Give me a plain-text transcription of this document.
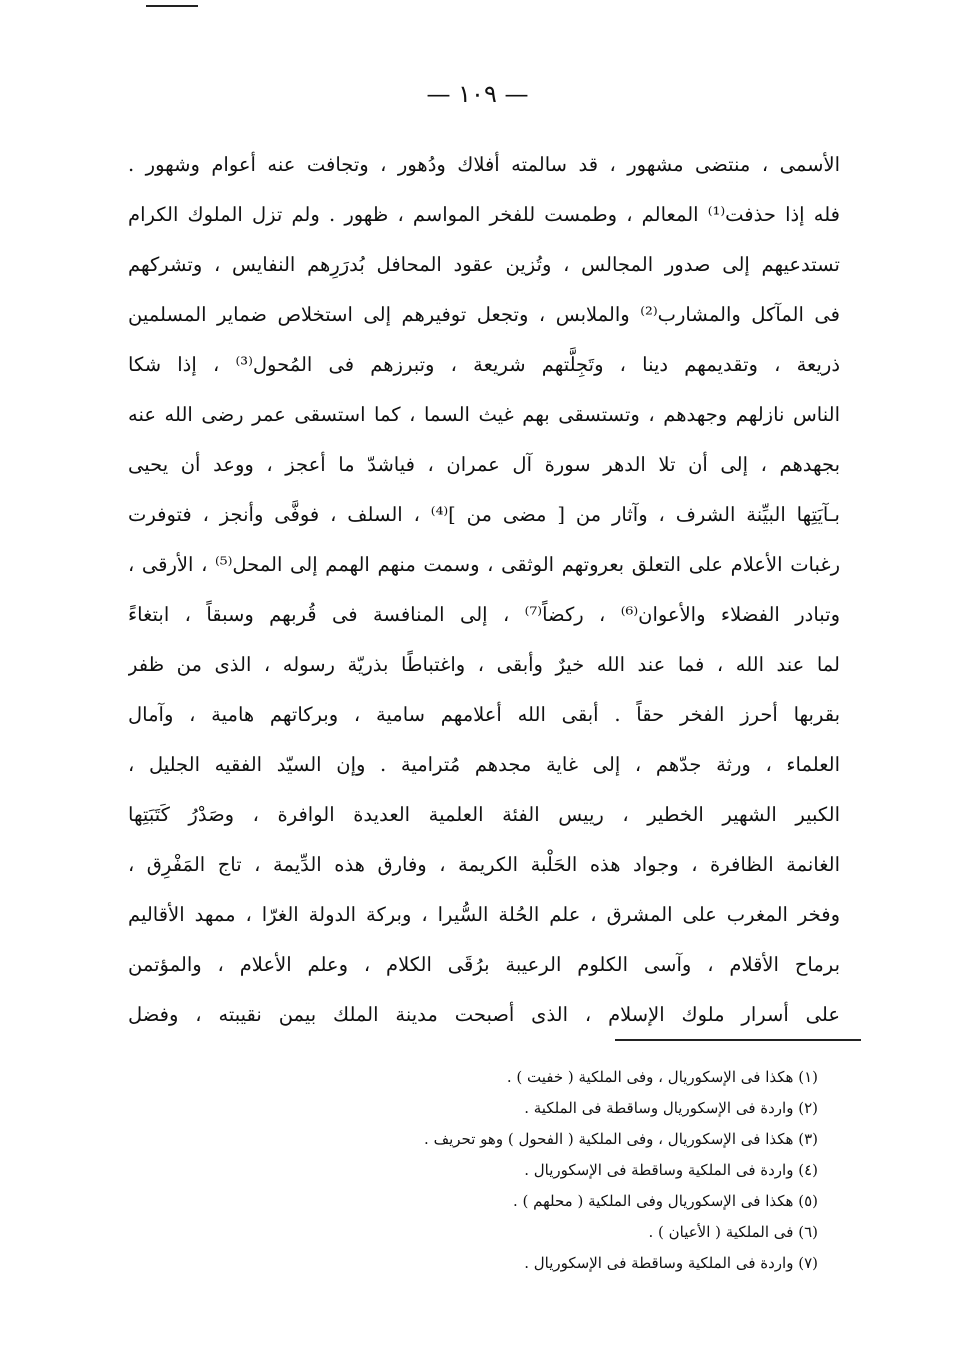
— ١٠٩ —
الأسمى ، منتضى مشهور ، قد سالمته أفلاك ودُهور ، وتجافت عنه أعوام وشهور .
فله إذا حذفت⁽¹⁾ المعالم ، وطمست للفخر المواسم ، ظهور . ولم تزل الملوك الكرام
تستدعيهم إلى صدور المجالس ، وتُزين عقود المحافل بُدرَرِهم النفايس ، وتشركهم
فى المآكل والمشارب⁽²⁾ والملابس ، وتجعل توفيرهم إلى استخلاص ضماير المسلمين
ذريعة ، وتقديمهم دينا ، وتَجِلَّتهم شريعة ، وتبرزهم فى المُحول⁽³⁾ ، إذا شكا
الناس نازلهم وجهدهم ، وتستسقى بهم غيث السما ، كما استسقى عمر رضى الله عنه
بجهدهم ، إلى أن تلا الدهر سورة آل عمران ، فياشدّ ما أعجز ، ووعد أن يحيى
بـآيَتِها البيِّنة الشرف ، وآثار من [ مضى من ]⁽⁴⁾ ، السلف ، فوفَّى وأنجز ، فتوفرت
رغبات الأعلام على التعلق بعروتهم الوثقى ، وسمت منهم الهمم إلى المحل⁽⁵⁾ ، الأرقى ،
وتبادر الفضلاء والأعوان⁽⁶⁾ ، ركضاً⁽⁷⁾ ، إلى المنافسة فى قُربهم وسبقاً ، ابتغاءً
لما عند الله ، فما عند الله خيرٌ وأبقى ، واغتباطًا بذريّة رسوله ، الذى من ظفر
بقربها أحرز الفخر حقاً . أبقى الله أعلامهم سامية ، وبركاتهم هامية ، وآمال
العلماء ، ورثة جدّهم ، إلى غاية مجدهم مُترامية . وإن السيّد الفقيه الجليل ،
الكبير الشهير الخطير ، رييس الفئة العلمية العديدة الوافرة ، وصَدْرُ كَتَبَتِها
الغانمة الظافرة ، وجواد هذه الحَلْبة الكريمة ، وفارق هذه الدِّيمة ، تاج المَفْرِق ،
وفخر المغرب على المشرق ، علم الحُلة السُّيرا ، وبركة الدولة الغرّا ، ممهد الأقاليم
برماح الأقلام ، وآسى الكلوم الرعيبة برُقَى الكلام ، وعلم الأعلام ، والمؤتمن
على أسرار ملوك الإسلام ، الذى أصبحت مدينة الملك بيمن نقيبته ، وفضل
(١) هكذا فى الإسكوريال ، وفى الملكية ( خفيت ) .
(٢) واردة فى الإسكوريال وساقطة فى الملكية .
(٣) هكذا فى الإسكوريال ، وفى الملكية ( الفحول ) وهو تحريف .
(٤) واردة فى الملكية وساقطة فى الإسكوريال .
(٥) هكذا فى الإسكوريال وفى الملكية ( محلهم ) .
(٦) فى الملكية ( الأعيان ) .
(٧) واردة فى الملكية وساقطة فى الإسكوريال .
